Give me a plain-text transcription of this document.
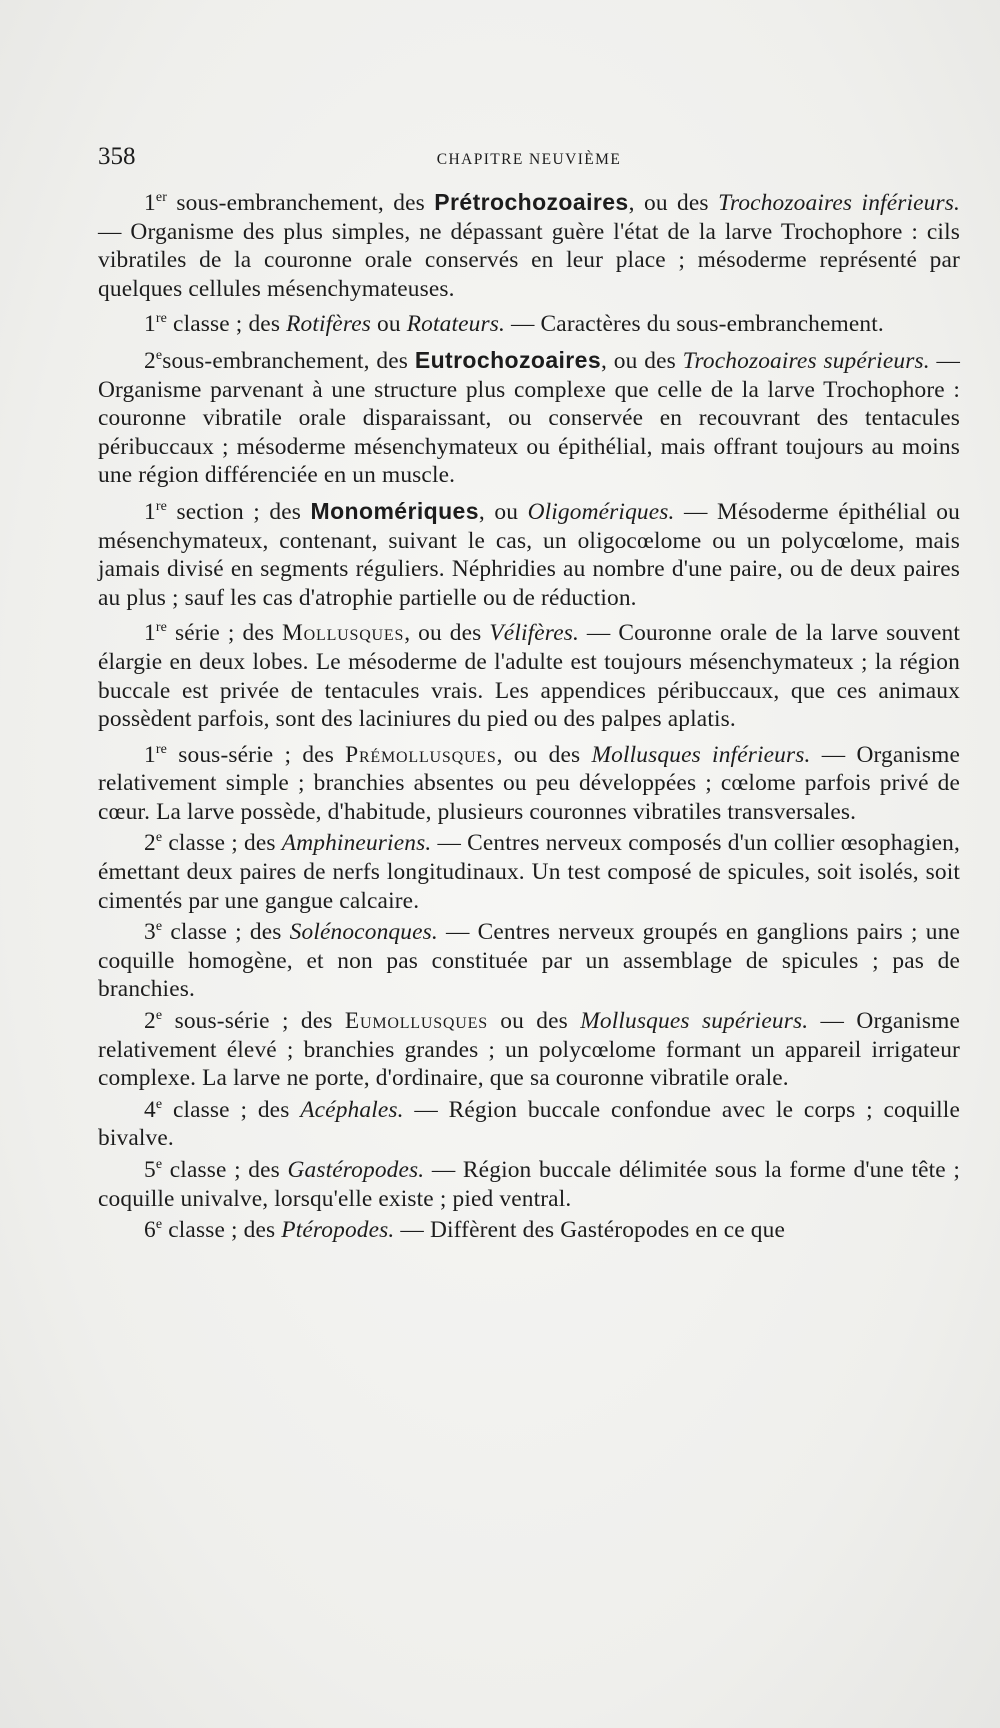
358	CHAPITRE NEUVIÈME

1er sous-embranchement, des Prétrochozoaires, ou des Trochozoaires inférieurs. — Organisme des plus simples, ne dépassant guère l'état de la larve Trochophore : cils vibratiles de la couronne orale conservés en leur place ; mésoderme représenté par quelques cellules mésenchymateuses.

1re classe ; des Rotifères ou Rotateurs. — Caractères du sous-embranchement.

2esous-embranchement, des Eutrochozoaires, ou des Trochozoaires supérieurs. — Organisme parvenant à une structure plus complexe que celle de la larve Trochophore : couronne vibratile orale disparaissant, ou conservée en recouvrant des tentacules péribuccaux ; mésoderme mésenchymateux ou épithélial, mais offrant toujours au moins une région différenciée en un muscle.

1re section ; des Monomériques, ou Oligomériques. — Mésoderme épithélial ou mésenchymateux, contenant, suivant le cas, un oligocœlome ou un polycœlome, mais jamais divisé en segments réguliers. Néphridies au nombre d'une paire, ou de deux paires au plus ; sauf les cas d'atrophie partielle ou de réduction.

1re série ; des Mollusques, ou des Vélifères. — Couronne orale de la larve souvent élargie en deux lobes. Le mésoderme de l'adulte est toujours mésenchymateux ; la région buccale est privée de tentacules vrais. Les appendices péribuccaux, que ces animaux possèdent parfois, sont des laciniures du pied ou des palpes aplatis.

1re sous-série ; des Prémollusques, ou des Mollusques inférieurs. — Organisme relativement simple ; branchies absentes ou peu développées ; cœlome parfois privé de cœur. La larve possède, d'habitude, plusieurs couronnes vibratiles transversales.

2e classe ; des Amphineuriens. — Centres nerveux composés d'un collier œsophagien, émettant deux paires de nerfs longitudinaux. Un test composé de spicules, soit isolés, soit cimentés par une gangue calcaire.

3e classe ; des Solénoconques. — Centres nerveux groupés en ganglions pairs ; une coquille homogène, et non pas constituée par un assemblage de spicules ; pas de branchies.

2e sous-série ; des Eumollusques ou des Mollusques supérieurs. — Organisme relativement élevé ; branchies grandes ; un polycœlome formant un appareil irrigateur complexe. La larve ne porte, d'ordinaire, que sa couronne vibratile orale.

4e classe ; des Acéphales. — Région buccale confondue avec le corps ; coquille bivalve.

5e classe ; des Gastéropodes. — Région buccale délimitée sous la forme d'une tête ; coquille univalve, lorsqu'elle existe ; pied ventral.

6e classe ; des Ptéropodes. — Diffèrent des Gastéropodes en ce que
